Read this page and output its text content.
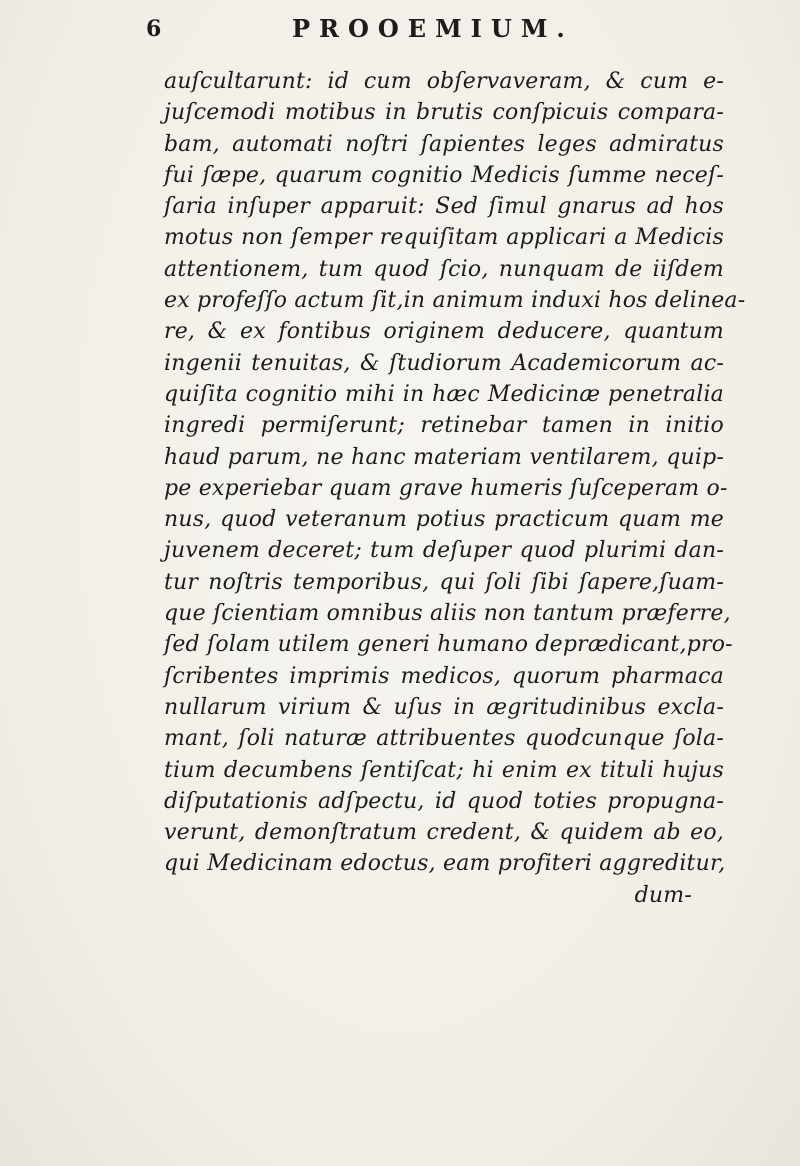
6	PROOEMIUM.
auſcultarunt: id cum obſervaveram, & cum e-
juſcemodi motibus in brutis conſpicuis compara-
bam, automati noſtri ſapientes leges admiratus
fui ſæpe, quarum cognitio Medicis ſumme neceſ-
ſaria inſuper apparuit: Sed ſimul gnarus ad hos
motus non ſemper requiſitam applicari a Medicis
attentionem, tum quod ſcio, nunquam de iiſdem
ex profeſſo actum ſit,in animum induxi hos delinea-
re, & ex fontibus originem deducere, quantum
ingenii tenuitas, & ſtudiorum Academicorum ac-
quiſita cognitio mihi in hæc Medicinæ penetralia
ingredi permiſerunt; retinebar tamen in initio
haud parum, ne hanc materiam ventilarem, quip-
pe experiebar quam grave humeris ſuſceperam o-
nus, quod veteranum potius practicum quam me
juvenem deceret; tum deſuper quod plurimi dan-
tur noſtris temporibus, qui ſoli ſibi ſapere,ſuam-
que ſcientiam omnibus aliis non tantum præferre,
ſed ſolam utilem generi humano deprædicant,pro-
ſcribentes imprimis medicos, quorum pharmaca
nullarum virium & uſus in ægritudinibus excla-
mant, ſoli naturæ attribuentes quodcunque ſola-
tium decumbens ſentiſcat; hi enim ex tituli hujus
diſputationis adſpectu, id quod toties propugna-
verunt, demonſtratum credent, & quidem ab eo,
qui Medicinam edoctus, eam profiteri aggreditur,
dum-
